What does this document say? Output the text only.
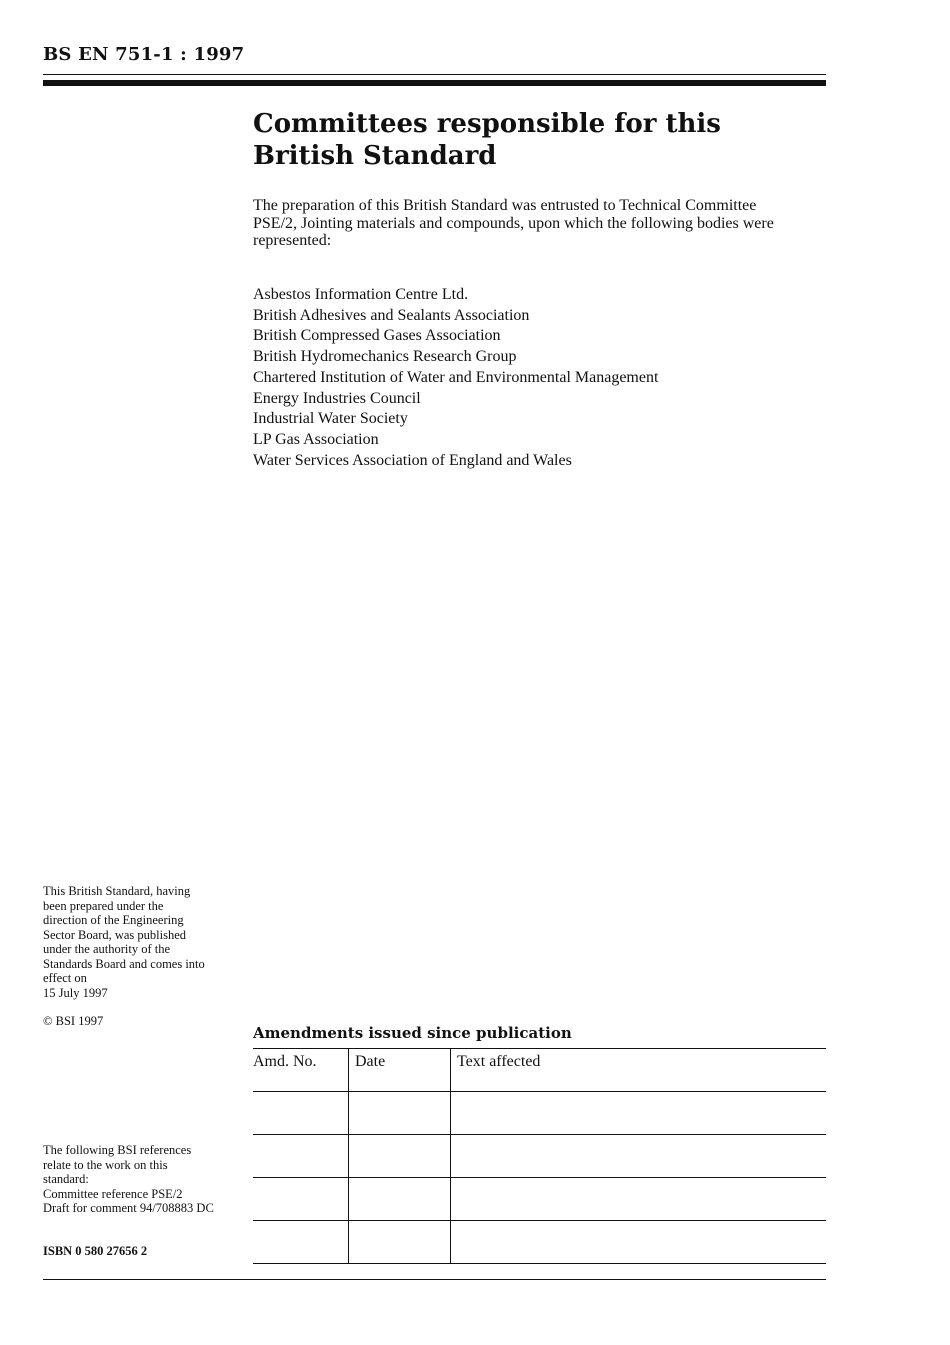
BS EN 751-1 : 1997
Committees responsible for this
British Standard

The preparation of this British Standard was entrusted to Technical Committee
PSE/2, Jointing materials and compounds, upon which the following bodies were
represented:

Asbestos Information Centre Ltd.
British Adhesives and Sealants Association
British Compressed Gases Association
British Hydromechanics Research Group
Chartered Institution of Water and Environmental Management
Energy Industries Council
Industrial Water Society
LP Gas Association
Water Services Association of England and Wales

This British Standard, having
been prepared under the
direction of the Engineering
Sector Board, was published
under the authority of the
Standards Board and comes into
effect on
15 July 1997

© BSI 1997

The following BSI references
relate to the work on this
standard:
Committee reference PSE/2
Draft for comment 94/708883 DC

ISBN 0 580 27656 2

Amendments issued since publication
Amd. No.	Date	Text affected
